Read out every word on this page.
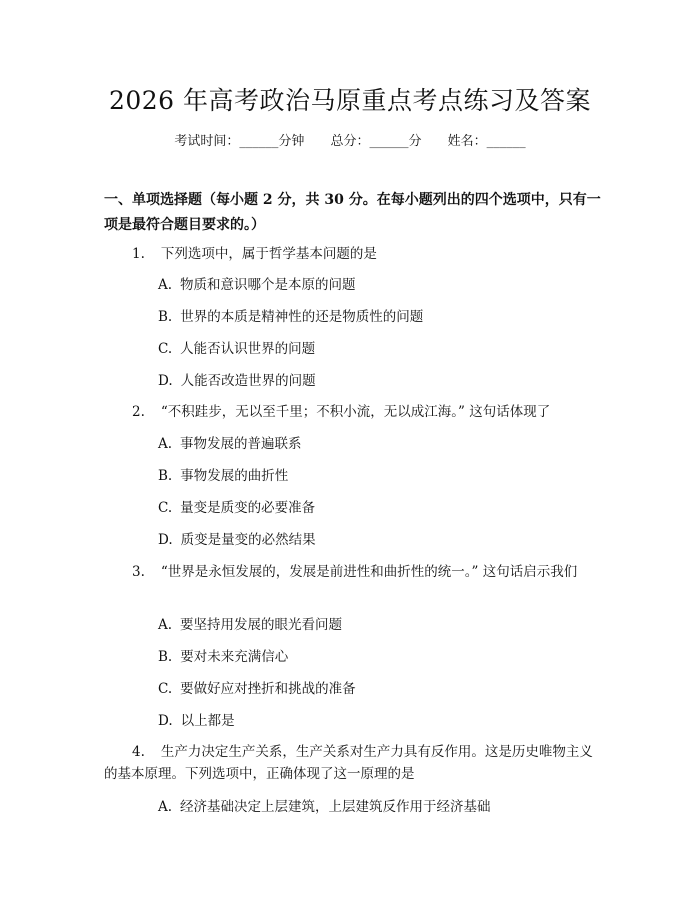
2026 年高考政治马原重点考点练习及答案
考试时间：______分钟 总分：______分 姓名：______
一、单项选择题（每小题 2 分，共 30 分。在每小题列出的四个选项中，只有一项是最符合题目要求的。）
1. 下列选项中，属于哲学基本问题的是
A. 物质和意识哪个是本原的问题
B. 世界的本质是精神性的还是物质性的问题
C. 人能否认识世界的问题
D. 人能否改造世界的问题
2. “不积跬步，无以至千里；不积小流，无以成江海。” 这句话体现了
A. 事物发展的普遍联系
B. 事物发展的曲折性
C. 量变是质变的必要准备
D. 质变是量变的必然结果
3. “世界是永恒发展的，发展是前进性和曲折性的统一。” 这句话启示我们
A. 要坚持用发展的眼光看问题
B. 要对未来充满信心
C. 要做好应对挫折和挑战的准备
D. 以上都是
4. 生产力决定生产关系，生产关系对生产力具有反作用。这是历史唯物主义的基本原理。下列选项中，正确体现了这一原理的是
A. 经济基础决定上层建筑，上层建筑反作用于经济基础
